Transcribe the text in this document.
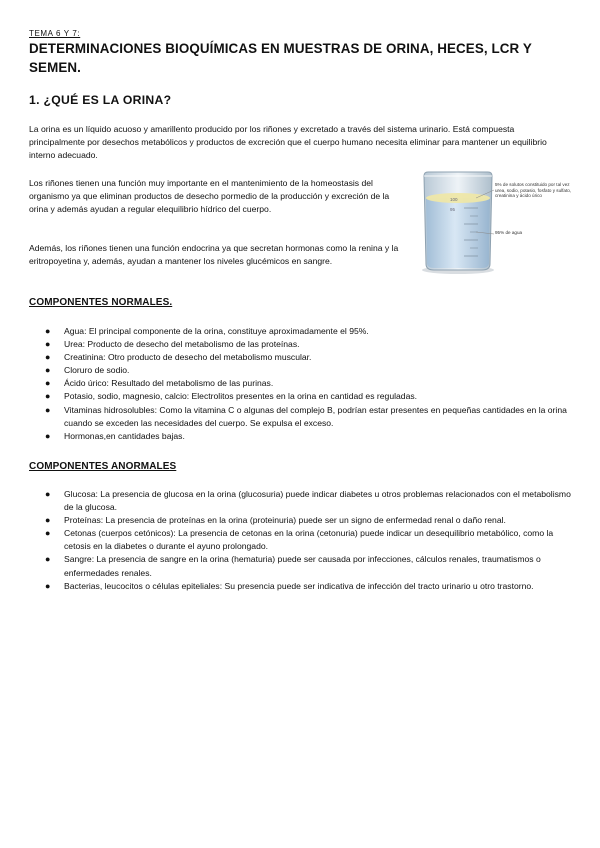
TEMA 6 Y 7:
DETERMINACIONES BIOQUÍMICAS EN MUESTRAS DE ORINA, HECES, LCR Y SEMEN.
1. ¿QUÉ ES LA ORINA?

La orina es un líquido acuoso y amarillento producido por los riñones y excretado a través del sistema urinario. Está compuesta principalmente por desechos metabólicos y productos de excreción que el cuerpo humano necesita eliminar para mantener un equilibrio interno adecuado.

Los riñones tienen una función muy importante en el mantenimiento de la homeostasis del organismo ya que eliminan productos de desecho pormedio de la producción y excreción de la orina y además ayudan a regular elequilibrio hídrico del cuerpo.

Además, los riñones tienen una función endocrina ya que secretan hormonas como la renina y la eritropoyetina y, además, ayudan a mantener los niveles glucémicos en sangre.

100
95
5% de solutos constituido por tal vez urea, sodio, potasio, fosfato y sulfato, creatinina y ácido úrico
95% de agua
COMPONENTES NORMALES.
● Agua: El principal componente de la orina, constituye aproximadamente el 95%.
● Urea: Producto de desecho del metabolismo de las proteínas.
● Creatinina: Otro producto de desecho del metabolismo muscular.
● Cloruro de sodio.
● Ácido úrico: Resultado del metabolismo de las purinas.
● Potasio, sodio, magnesio, calcio: Electrolitos presentes en la orina en cantidad es reguladas.
● Vitaminas hidrosolubles: Como la vitamina C o algunas del complejo B, podrían estar presentes en pequeñas cantidades en la orina cuando se exceden las necesidades del cuerpo. Se expulsa el exceso.
● Hormonas,en cantidades bajas.
COMPONENTES ANORMALES
● Glucosa: La presencia de glucosa en la orina (glucosuria) puede indicar diabetes u otros problemas relacionados con el metabolismo de la glucosa.
● Proteínas: La presencia de proteínas en la orina (proteinuria) puede ser un signo de enfermedad renal o daño renal.
● Cetonas (cuerpos cetónicos): La presencia de cetonas en la orina (cetonuria) puede indicar un desequilibrio metabólico, como la cetosis en la diabetes o durante el ayuno prolongado.
● Sangre: La presencia de sangre en la orina (hematuria) puede ser causada por infecciones, cálculos renales, traumatismos o enfermedades renales.
● Bacterias, leucocitos o células epiteliales: Su presencia puede ser indicativa de infección del tracto urinario u otro trastorno.
